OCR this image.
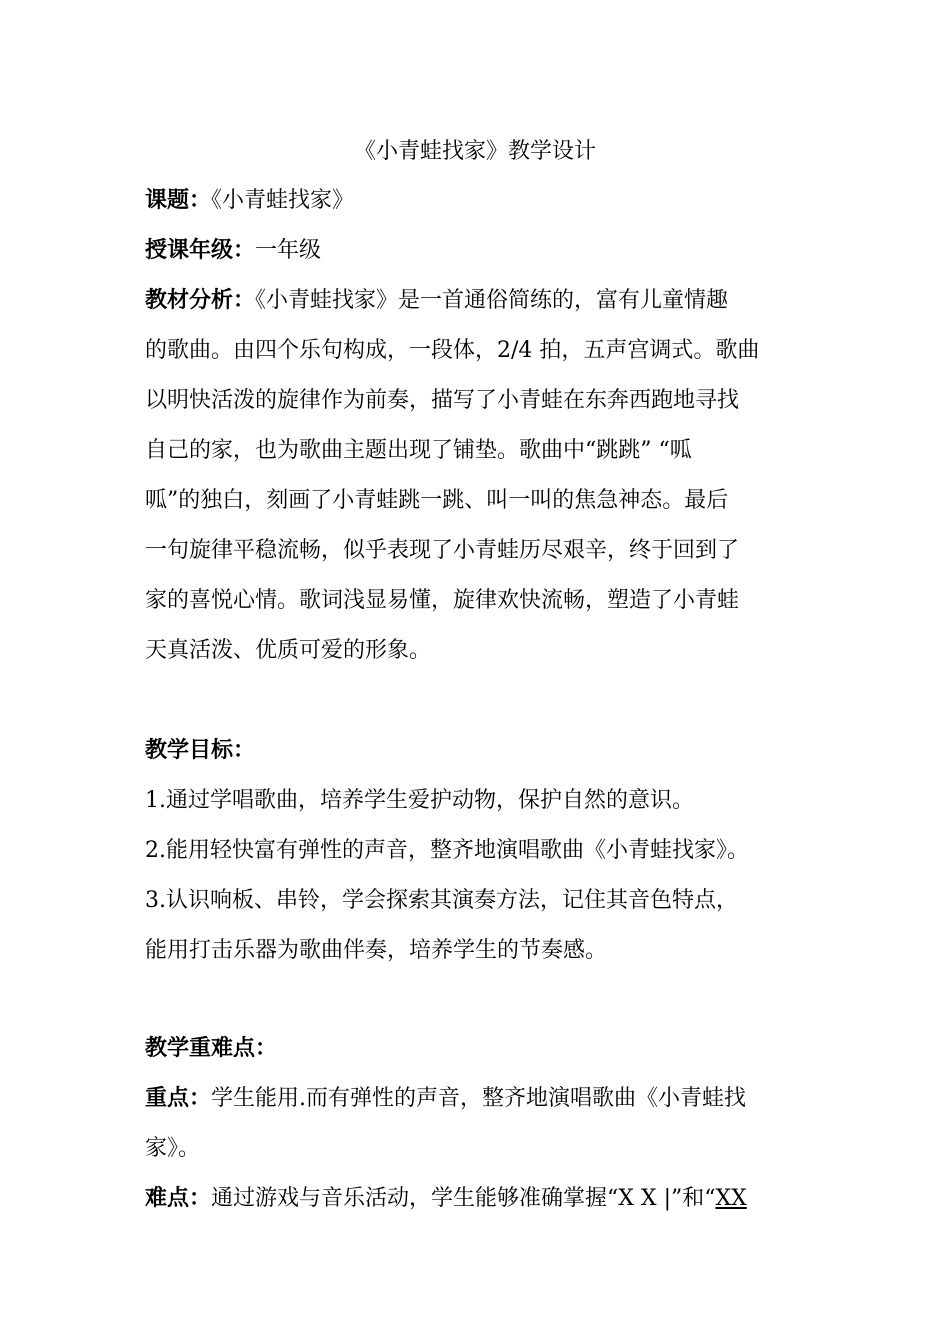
《小青蛙找家》教学设计

课题：《小青蛙找家》

授课年级：一年级

教材分析：《小青蛙找家》是一首通俗简练的，富有儿童情趣

的歌曲。由四个乐句构成，一段体，2/4 拍，五声宫调式。歌曲

以明快活泼的旋律作为前奏，描写了小青蛙在东奔西跑地寻找

自己的家，也为歌曲主题出现了铺垫。歌曲中“跳跳” “呱

呱”的独白，刻画了小青蛙跳一跳、叫一叫的焦急神态。最后

一句旋律平稳流畅，似乎表现了小青蛙历尽艰辛，终于回到了

家的喜悦心情。歌词浅显易懂，旋律欢快流畅，塑造了小青蛙

天真活泼、优质可爱的形象。

教学目标：

1.通过学唱歌曲，培养学生爱护动物，保护自然的意识。

2.能用轻快富有弹性的声音，整齐地演唱歌曲《小青蛙找家》。

3.认识响板、串铃，学会探索其演奏方法，记住其音色特点，

能用打击乐器为歌曲伴奏，培养学生的节奏感。

教学重难点：

重点：学生能用.而有弹性的声音，整齐地演唱歌曲《小青蛙找

家》。

难点：通过游戏与音乐活动，学生能够准确掌握“X X |”和“XX
